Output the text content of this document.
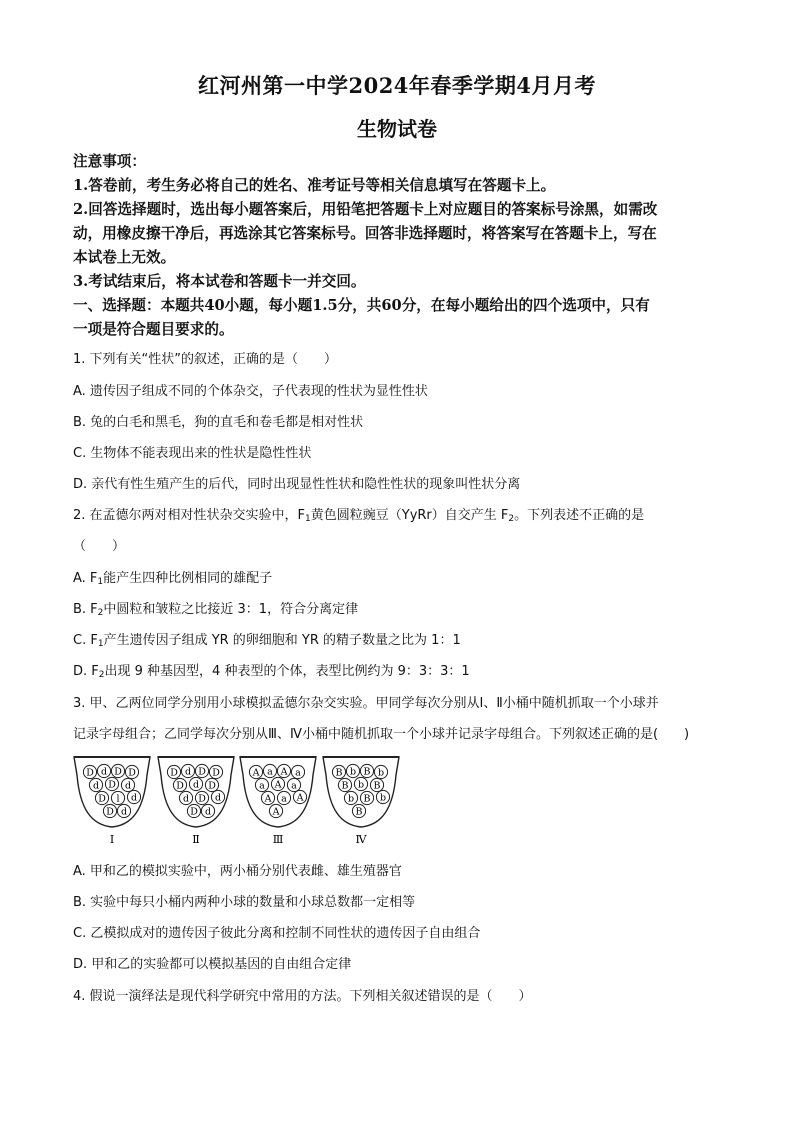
红河州第一中学2024年春季学期4月月考
生物试卷
注意事项：
1.答卷前，考生务必将自己的姓名、准考证号等相关信息填写在答题卡上。
2.回答选择题时，选出每小题答案后，用铅笔把答题卡上对应题目的答案标号涂黑，如需改
动，用橡皮擦干净后，再选涂其它答案标号。回答非选择题时，将答案写在答题卡上，写在
本试卷上无效。
3.考试结束后，将本试卷和答题卡一并交回。
一、选择题：本题共40小题，每小题1.5分，共60分，在每小题给出的四个选项中，只有
一项是符合题目要求的。
1. 下列有关“性状”的叙述，正确的是（　　）
A. 遗传因子组成不同的个体杂交，子代表现的性状为显性性状
B. 兔的白毛和黑毛，狗的直毛和卷毛都是相对性状
C. 生物体不能表现出来的性状是隐性性状
D. 亲代有性生殖产生的后代，同时出现显性性状和隐性性状的现象叫性状分离
2. 在孟德尔两对相对性状杂交实验中，$F_1$黄色圆粒豌豆（YyRr）自交产生 $F_2$。下列表述不正确的是
（　　）
A. $F_1$能产生四种比例相同的雄配子
B. $F_2$中圆粒和皱粒之比接近 3：1，符合分离定律
C. $F_1$产生遗传因子组成 YR 的卵细胞和 YR 的精子数量之比为 1：1
D. $F_2$出现 9 种基因型，4 种表型的个体，表型比例约为 9：3：3：1
3. 甲、乙两位同学分别用小球模拟孟德尔杂交实验。甲同学每次分别从Ⅰ、Ⅱ小桶中随机抓取一个小球并
记录字母组合；乙同学每次分别从Ⅲ、Ⅳ小桶中随机抓取一个小球并记录字母组合。下列叙述正确的是(　　)
D d D D
d D d
D l d
D d
Ⅰ
D d D D
D d D
d D d
D d
Ⅱ
A a A a
a A a
A a A
A
Ⅲ
B b B b
B b B
b B b
B
Ⅳ
A. 甲和乙的模拟实验中，两小桶分别代表雌、雄生殖器官
B. 实验中每只小桶内两种小球的数量和小球总数都一定相等
C. 乙模拟成对的遗传因子彼此分离和控制不同性状的遗传因子自由组合
D. 甲和乙的实验都可以模拟基因的自由组合定律
4. 假说一演绎法是现代科学研究中常用的方法。下列相关叙述错误的是（　　）
